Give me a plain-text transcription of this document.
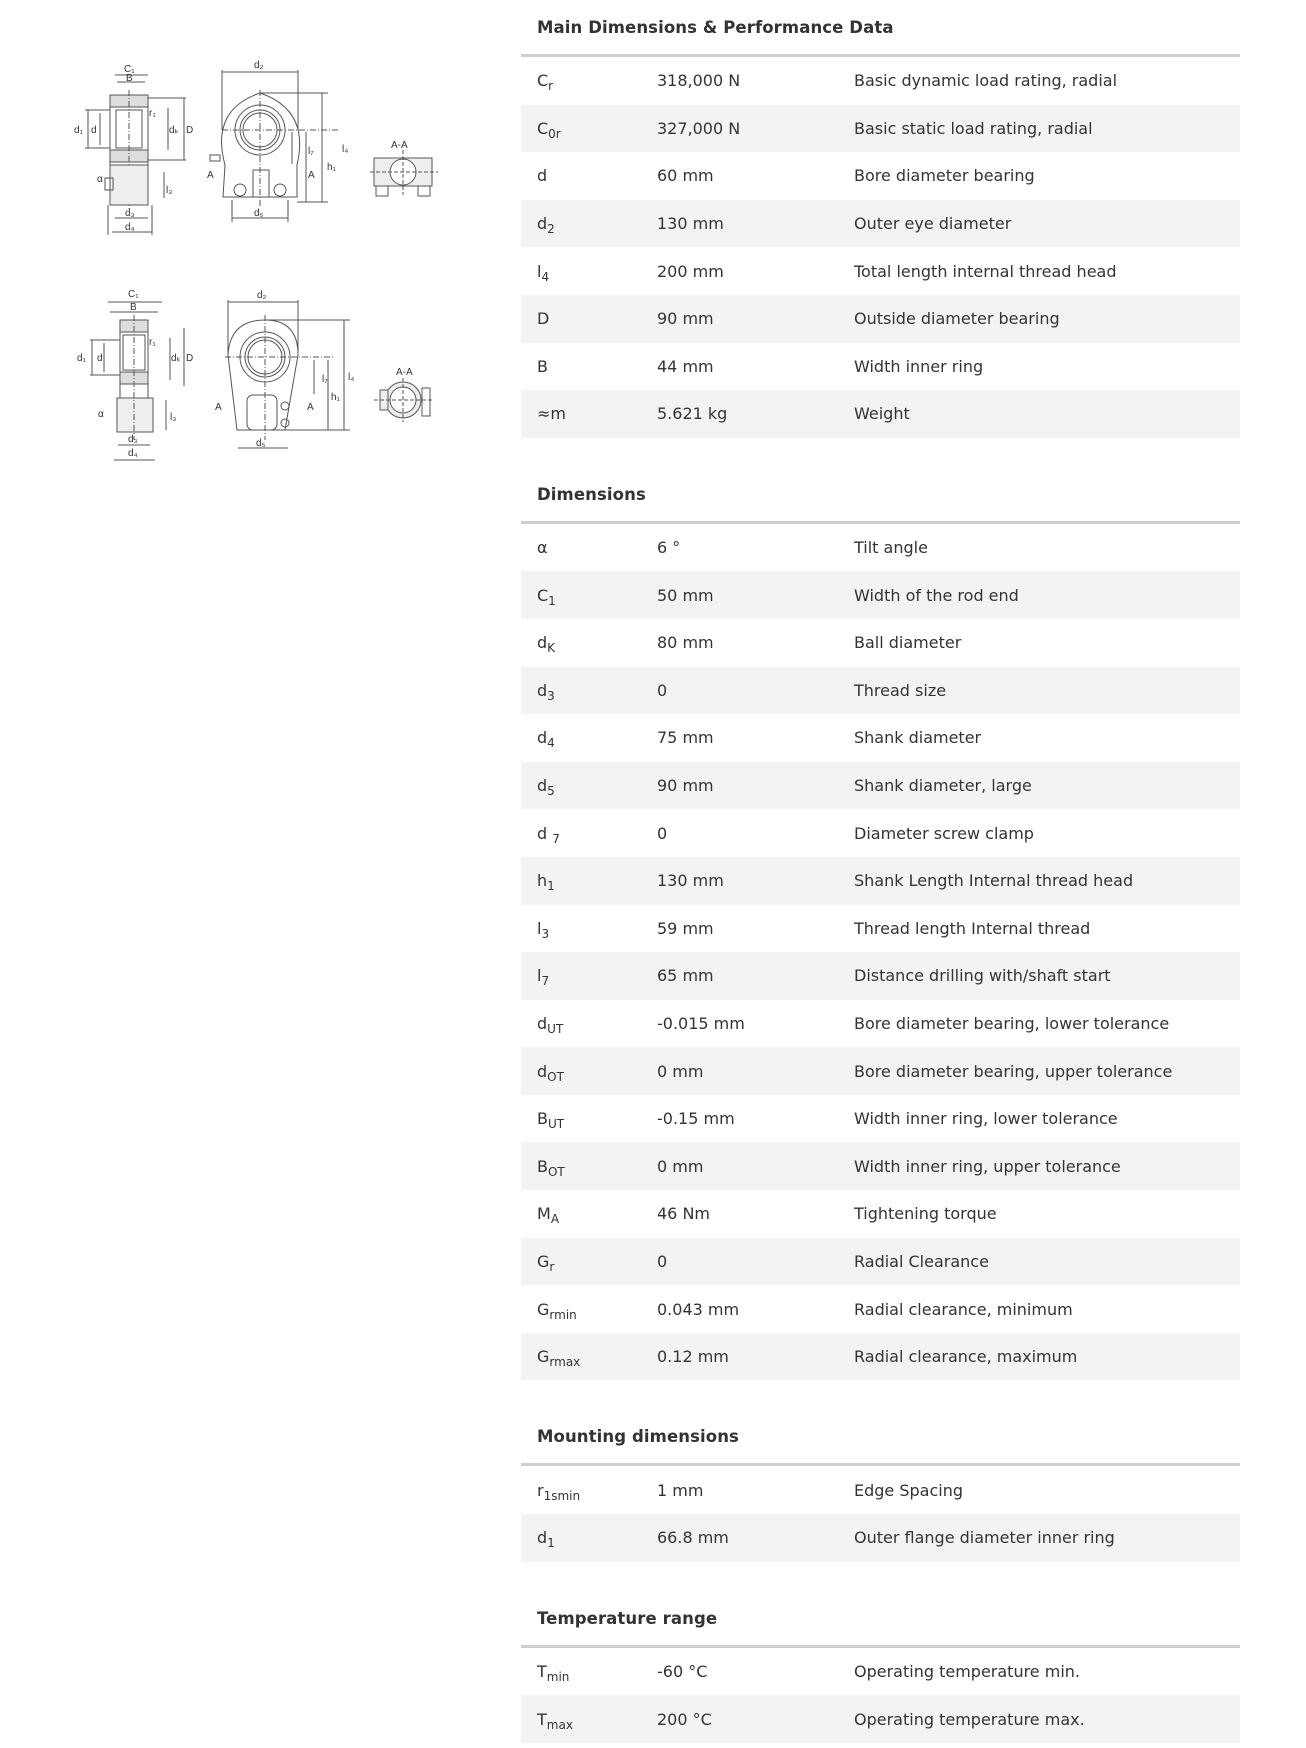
C₁
B
d₁ d	dₖ D
r₁
α
l₃
d₃
d₄
d₂
l₇
h₁
l₄
d₅
A	A
A-A
C₁
B
d₁ d	dₖ D
r₁
α	l₃
d₃
d₄
d₂
l₇
h₁
l₄
d₅
A	A
A-A
Main Dimensions & Performance Data
$C_r$	318,000 N	Basic dynamic load rating, radial
$C_{0r}$	327,000 N	Basic static load rating, radial
d	60 mm	Bore diameter bearing
$d_2$	130 mm	Outer eye diameter
$l_4$	200 mm	Total length internal thread head
D	90 mm	Outside diameter bearing
B	44 mm	Width inner ring
≈m	5.621 kg	Weight
Dimensions
α	6 °	Tilt angle
$C_1$	50 mm	Width of the rod end
$d_K$	80 mm	Ball diameter
$d_3$	0	Thread size
$d_4$	75 mm	Shank diameter
$d_5$	90 mm	Shank diameter, large
d $_7$	0	Diameter screw clamp
$h_1$	130 mm	Shank Length Internal thread head
$l_3$	59 mm	Thread length Internal thread
$l_7$	65 mm	Distance drilling with/shaft start
$d_{UT}$	-0.015 mm	Bore diameter bearing, lower tolerance
$d_{OT}$	0 mm	Bore diameter bearing, upper tolerance
$B_{UT}$	-0.15 mm	Width inner ring, lower tolerance
$B_{OT}$	0 mm	Width inner ring, upper tolerance
$M_A$	46 Nm	Tightening torque
$G_r$	0	Radial Clearance
$G_{rmin}$	0.043 mm	Radial clearance, minimum
$G_{rmax}$	0.12 mm	Radial clearance, maximum
Mounting dimensions
$r_{1smin}$	1 mm	Edge Spacing
$d_1$	66.8 mm	Outer flange diameter inner ring
Temperature range
$T_{min}$	-60 °C	Operating temperature min.
$T_{max}$	200 °C	Operating temperature max.
